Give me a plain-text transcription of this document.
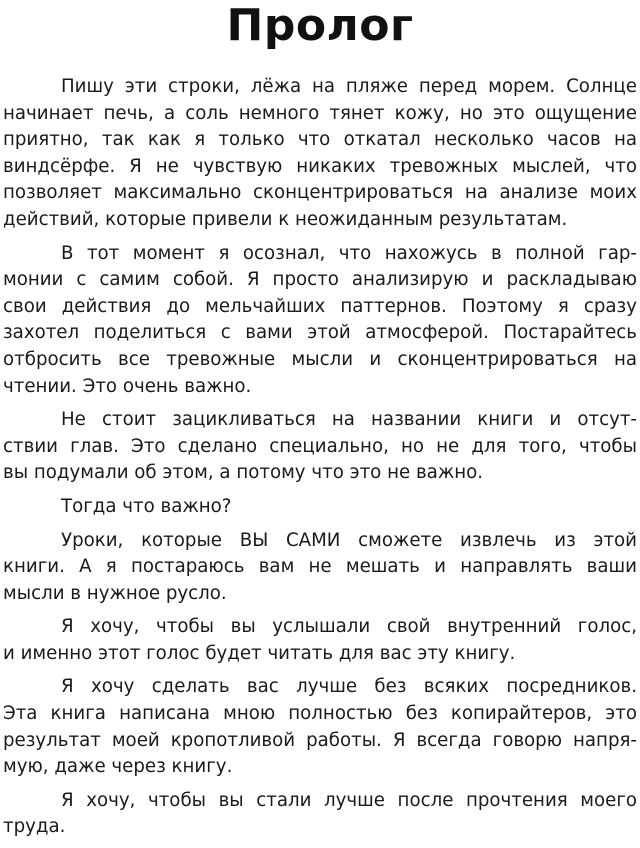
Пролог
Пишу эти строки, лёжа на пляже перед морем. Солнце
начинает печь, а соль немного тянет кожу, но это ощущение
приятно, так как я только что откатал несколько часов на
виндсёрфе. Я не чувствую никаких тревожных мыслей, что
позволяет максимально сконцентрироваться на анализе моих
действий, которые привели к неожиданным результатам.
В тот момент я осознал, что нахожусь в полной гар-
монии с самим собой. Я просто анализирую и раскладываю
свои действия до мельчайших паттернов. Поэтому я сразу
захотел поделиться с вами этой атмосферой. Постарайтесь
отбросить все тревожные мысли и сконцентрироваться на
чтении. Это очень важно.
Не стоит зацикливаться на названии книги и отсут-
ствии глав. Это сделано специально, но не для того, чтобы
вы подумали об этом, а потому что это не важно.
Тогда что важно?
Уроки, которые ВЫ САМИ сможете извлечь из этой
книги. А я постараюсь вам не мешать и направлять ваши
мысли в нужное русло.
Я хочу, чтобы вы услышали свой внутренний голос,
и именно этот голос будет читать для вас эту книгу.
Я хочу сделать вас лучше без всяких посредников.
Эта книга написана мною полностью без копирайтеров, это
результат моей кропотливой работы. Я всегда говорю напря-
мую, даже через книгу.
Я хочу, чтобы вы стали лучше после прочтения моего
труда.
